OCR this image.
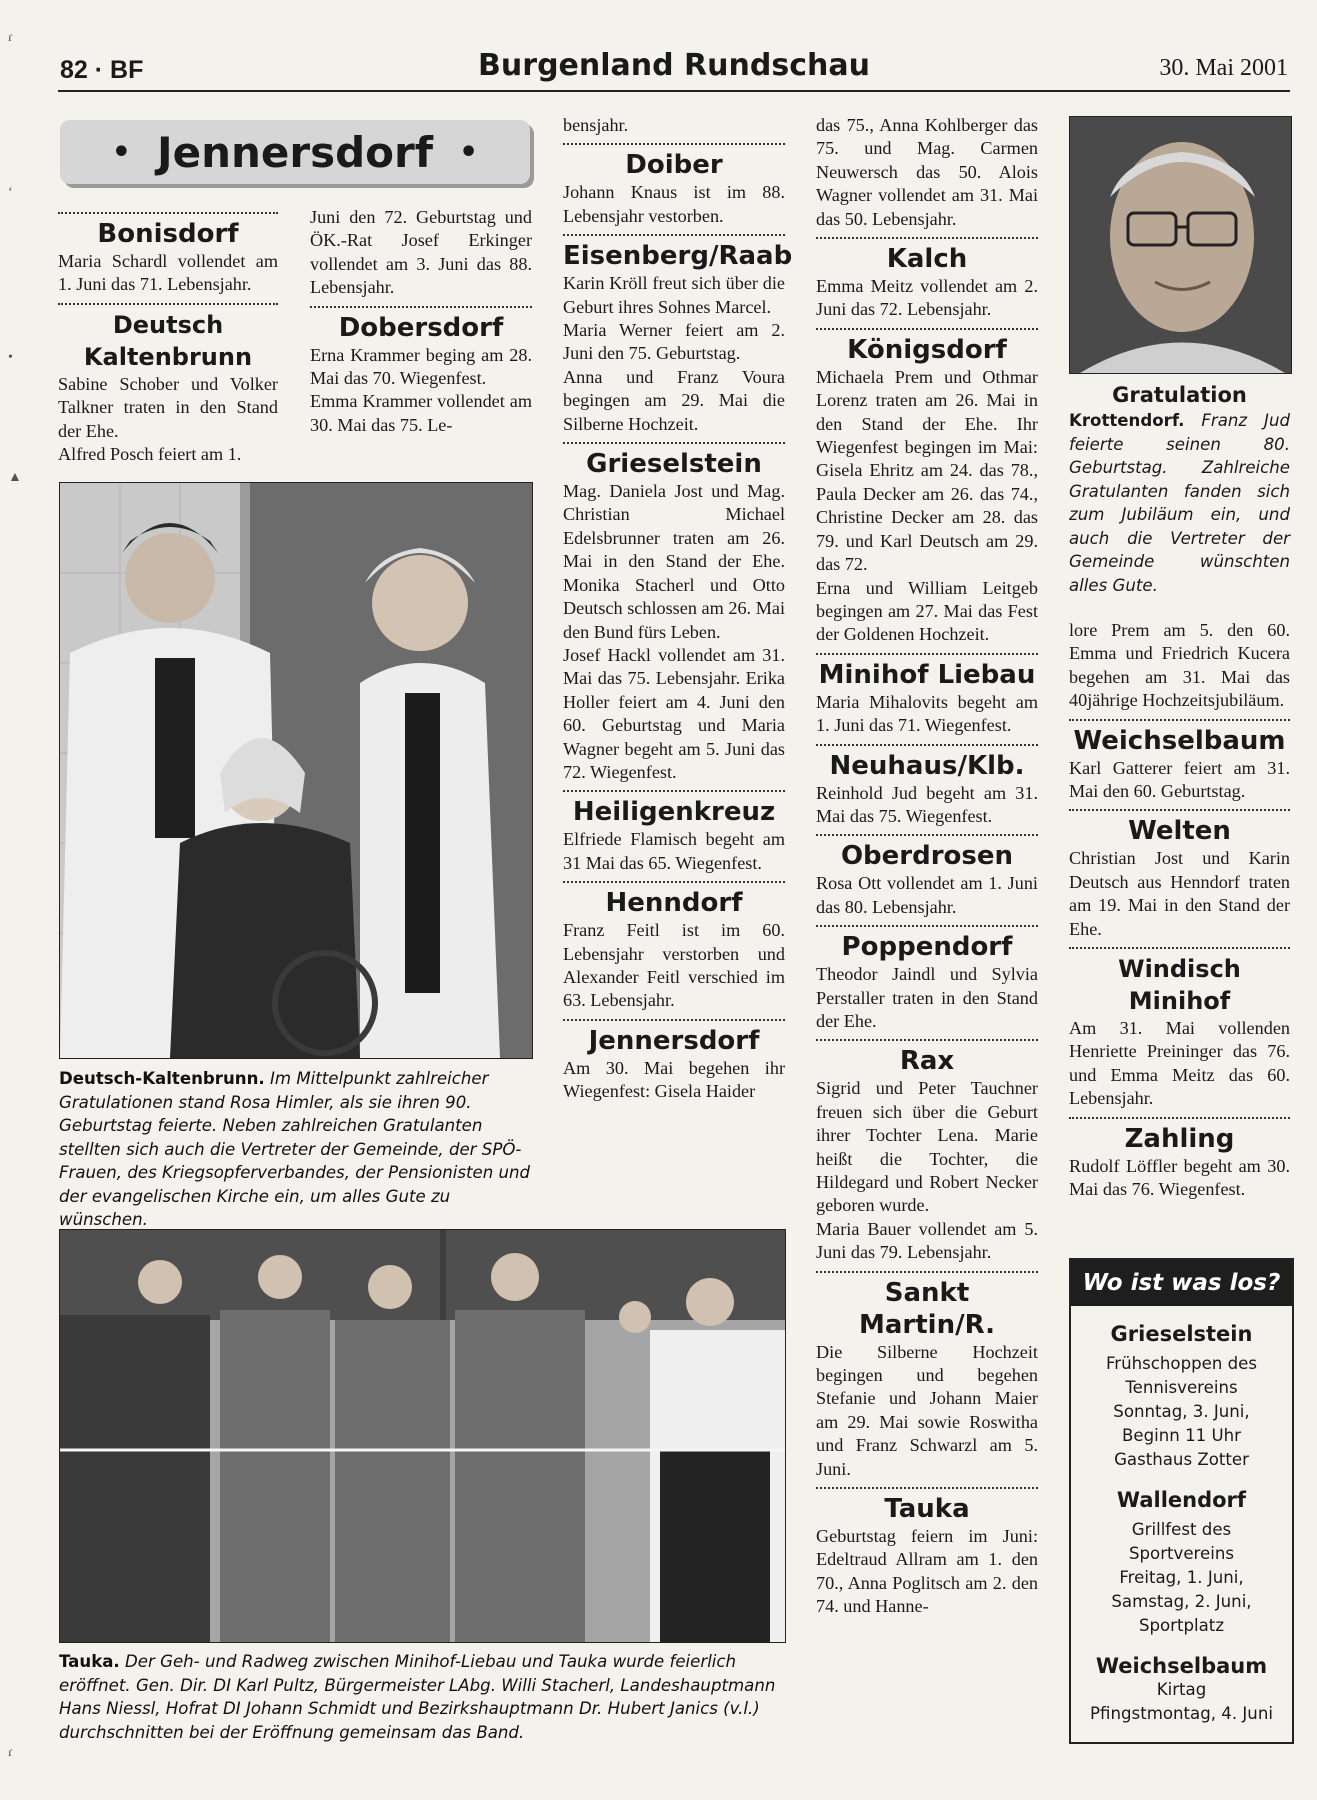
82 · BF	Burgenland Rundschau	30. Mai 2001
ɾ
ʻ
•
▲
ɾ
• Jennersdorf •

Bonisdorf

Maria Schardl vollendet am 1. Juni das 71. Lebensjahr.

Deutsch Kaltenbrunn

Sabine Schober und Volker Talkner traten in den Stand der Ehe.

Alfred Posch feiert am 1.

Juni den 72. Geburtstag und ÖK.-Rat Josef Erkinger vollendet am 3. Juni das 88. Lebensjahr.

Dobersdorf

Erna Krammer beging am 28. Mai das 70. Wiegenfest.

Emma Krammer vollendet am 30. Mai das 75. Le-

Deutsch-Kaltenbrunn. Im Mittelpunkt zahlreicher Gratulationen stand Rosa Himler, als sie ihren 90. Geburtstag feierte. Neben zahlreichen Gratulanten stellten sich auch die Vertreter der Gemeinde, der SPÖ-Frauen, des Kriegsopferverbandes, der Pensionisten und der evangelischen Kirche ein, um alles Gute zu wünschen.
Tauka. Der Geh- und Radweg zwischen Minihof-Liebau und Tauka wurde feierlich eröffnet. Gen. Dir. DI Karl Pultz, Bürgermeister LAbg. Willi Stacherl, Landeshauptmann Hans Niessl, Hofrat DI Johann Schmidt und Bezirkshauptmann Dr. Hubert Janics (v.l.) durchschnitten bei der Eröffnung gemeinsam das Band.

bensjahr.

Doiber

Johann Knaus ist im 88. Lebensjahr vestorben.

Eisenberg/Raab

Karin Kröll freut sich über die Geburt ihres Sohnes Marcel.

Maria Werner feiert am 2. Juni den 75. Geburtstag.

Anna und Franz Voura begingen am 29. Mai die Silberne Hochzeit.

Grieselstein

Mag. Daniela Jost und Mag. Christian Michael Edelsbrunner traten am 26. Mai in den Stand der Ehe. Monika Stacherl und Otto Deutsch schlossen am 26. Mai den Bund fürs Leben.

Josef Hackl vollendet am 31. Mai das 75. Lebensjahr. Erika Holler feiert am 4. Juni den 60. Geburtstag und Maria Wagner begeht am 5. Juni das 72. Wiegenfest.

Heiligenkreuz

Elfriede Flamisch begeht am 31 Mai das 65. Wiegenfest.

Henndorf

Franz Feitl ist im 60. Lebensjahr verstorben und Alexander Feitl verschied im 63. Lebensjahr.

Jennersdorf

Am 30. Mai begehen ihr Wiegenfest: Gisela Haider

das 75., Anna Kohlberger das 75. und Mag. Carmen Neuwersch das 50. Alois Wagner vollendet am 31. Mai das 50. Lebensjahr.

Kalch

Emma Meitz vollendet am 2. Juni das 72. Lebensjahr.

Königsdorf

Michaela Prem und Othmar Lorenz traten am 26. Mai in den Stand der Ehe. Ihr Wiegenfest begingen im Mai: Gisela Ehritz am 24. das 78., Paula Decker am 26. das 74., Christine Decker am 28. das 79. und Karl Deutsch am 29. das 72.

Erna und William Leitgeb begingen am 27. Mai das Fest der Goldenen Hochzeit.

Minihof Liebau

Maria Mihalovits begeht am 1. Juni das 71. Wiegenfest.

Neuhaus/Klb.

Reinhold Jud begeht am 31. Mai das 75. Wiegenfest.

Oberdrosen

Rosa Ott vollendet am 1. Juni das 80. Lebensjahr.

Poppendorf

Theodor Jaindl und Sylvia Perstaller traten in den Stand der Ehe.

Rax

Sigrid und Peter Tauchner freuen sich über die Geburt ihrer Tochter Lena. Marie heißt die Tochter, die Hildegard und Robert Necker geboren wurde.

Maria Bauer vollendet am 5. Juni das 79. Lebensjahr.

Sankt Martin/R.

Die Silberne Hochzeit begingen und begehen Stefanie und Johann Maier am 29. Mai sowie Roswitha und Franz Schwarzl am 5. Juni.

Tauka

Geburtstag feiern im Juni: Edeltraud Allram am 1. den 70., Anna Poglitsch am 2. den 74. und Hanne-

Gratulation

Krottendorf. Franz Jud feierte seinen 80. Geburtstag. Zahlreiche Gratulanten fanden sich zum Jubiläum ein, und auch die Vertreter der Gemeinde wünschten alles Gute.

lore Prem am 5. den 60. Emma und Friedrich Kucera begehen am 31. Mai das 40jährige Hochzeitsjubiläum.

Weichselbaum

Karl Gatterer feiert am 31. Mai den 60. Geburtstag.

Welten

Christian Jost und Karin Deutsch aus Henndorf traten am 19. Mai in den Stand der Ehe.

Windisch Minihof

Am 31. Mai vollenden Henriette Preininger das 76. und Emma Meitz das 60. Lebensjahr.

Zahling

Rudolf Löffler begeht am 30. Mai das 76. Wiegenfest.

Wo ist was los?
Grieselstein
Frühschoppen des
Tennisvereins
Sonntag, 3. Juni,
Beginn 11 Uhr
Gasthaus Zotter
Wallendorf
Grillfest des
Sportvereins
Freitag, 1. Juni,
Samstag, 2. Juni,
Sportplatz
Weichselbaum
Kirtag
Pfingstmontag, 4. Juni
